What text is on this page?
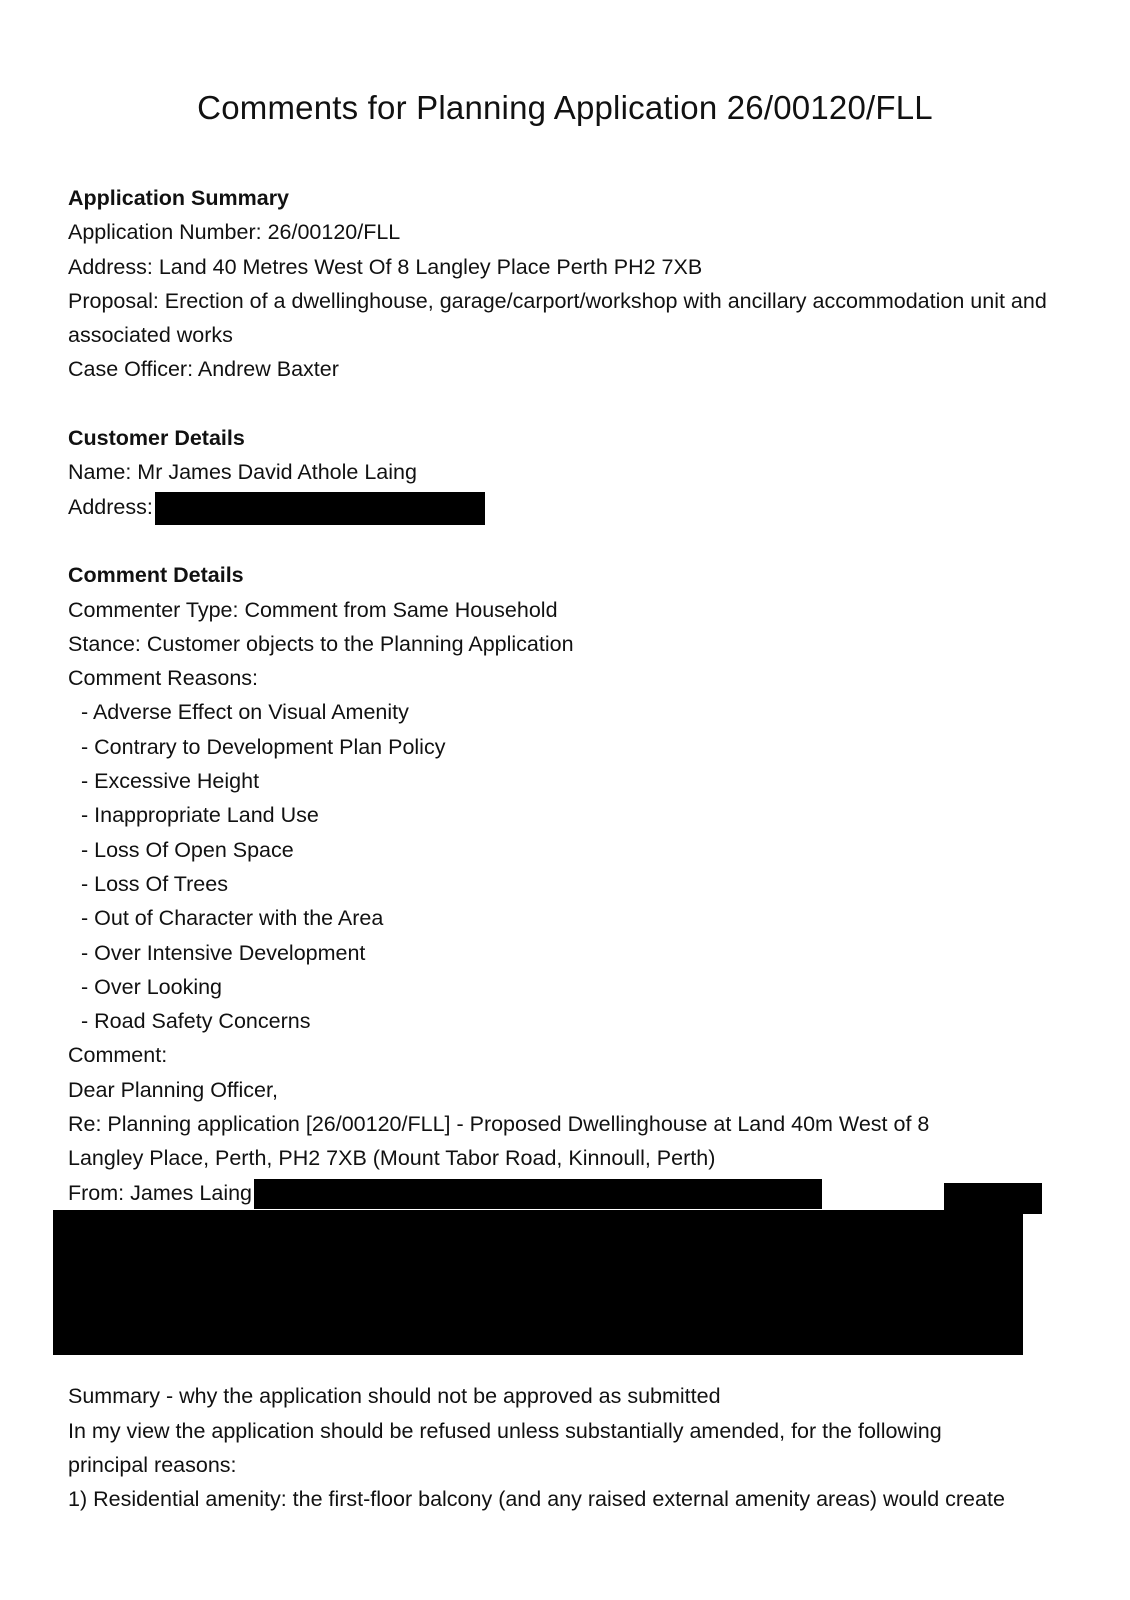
Comments for Planning Application 26/00120/FLL
Application Summary
Application Number: 26/00120/FLL
Address: Land 40 Metres West Of 8 Langley Place Perth PH2 7XB
Proposal: Erection of a dwellinghouse, garage/carport/workshop with ancillary accommodation unit and associated works
Case Officer: Andrew Baxter
Customer Details
Name: Mr James David Athole Laing
Address:
Comment Details
Commenter Type: Comment from Same Household
Stance: Customer objects to the Planning Application
Comment Reasons:
- Adverse Effect on Visual Amenity
- Contrary to Development Plan Policy
- Excessive Height
- Inappropriate Land Use
- Loss Of Open Space
- Loss Of Trees
- Out of Character with the Area
- Over Intensive Development
- Over Looking
- Road Safety Concerns
Comment:
Dear Planning Officer,
Re: Planning application [26/00120/FLL] - Proposed Dwellinghouse at Land 40m West of 8
Langley Place, Perth, PH2 7XB (Mount Tabor Road, Kinnoull, Perth)
From: James Laing
Summary - why the application should not be approved as submitted
In my view the application should be refused unless substantially amended, for the following
principal reasons:
1) Residential amenity: the first-floor balcony (and any raised external amenity areas) would create
